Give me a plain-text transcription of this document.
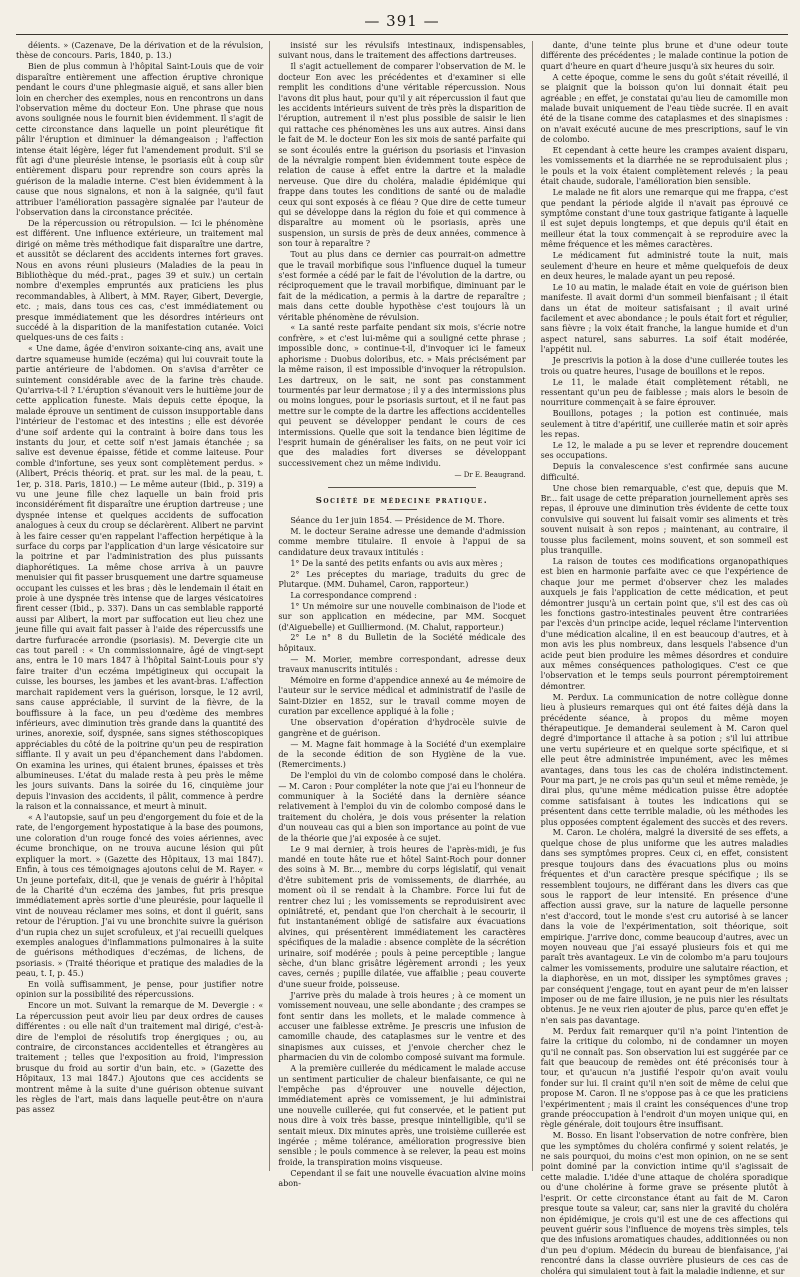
— 391 —

déients. » (Cazenave, De la dérivation et de la révulsion, thèse de concours. Paris, 1840, p. 13.)

Bien de plus commun à l'hôpital Saint-Louis que de voir disparaître entièrement une affection éruptive chronique pendant le cours d'une phlegmasie aiguë, et sans aller bien loin en chercher des exemples, nous en rencontrons un dans l'observation même du docteur Eon. Une phrase que nous avons soulignée nous le fournit bien évidemment. Il s'agit de cette circonstance dans laquelle un point pleurétique fit pâlir l'éruption et diminuer la démangeaison ; l'affection intense était légère, léger fut l'amendement produit. S'il se fût agi d'une pleurésie intense, le psoriasis eût à coup sûr entièrement disparu pour reprendre son cours après la guérison de la maladie interne. C'est bien évidemment à la cause que nous signalons, et non à la saignée, qu'il faut attribuer l'amélioration passagère signalée par l'auteur de l'observation dans la circonstance précitée.

De la répercussion ou rétropulsion. — Ici le phénomène est différent. Une influence extérieure, un traitement mal dirigé on même très méthodique fait disparaître une dartre, et aussitôt se déclarent des accidents internes fort graves. Nous en avons réuni plusieurs (Maladies de la peau in Bibliothèque du méd.-prat., pages 39 et suiv.) un certain nombre d'exemples empruntés aux praticiens les plus recommandables, à Alibert, à MM. Rayer, Gibert, Devergie, etc. ; mais, dans tous ces cas, c'est immédiatement ou presque immédiatement que les désordres intérieurs ont succédé à la disparition de la manifestation cutanée. Voici quelques-uns de ces faits :

« Une dame, âgée d'environ soixante-cinq ans, avait une dartre squameuse humide (eczéma) qui lui couvrait toute la partie antérieure de l'abdomen. On s'avisa d'arrêter ce suintement considérable avec de la farine très chaude. Qu'arriva-t-il ? L'éruption s'évanouit vers le huitième jour de cette application funeste. Mais depuis cette époque, la malade éprouve un sentiment de cuisson insupportable dans l'intérieur de l'estomac et des intestins ; elle est dévorée d'une soif ardente qui la contraint à boire dans tous les instants du jour, et cette soif n'est jamais étanchée ; sa salive est devenue épaisse, fétide et comme laiteuse. Pour comble d'infortune, ses yeux sont complètement perdus. » (Alibert, Précis théoriq. et prat. sur les mal. de la peau, t. 1er, p. 318. Paris, 1810.) — Le même auteur (Ibid., p. 319) a vu une jeune fille chez laquelle un bain froid pris inconsidérément fit disparaître une éruption dartreuse ; une dyspnée intense et quelques accidents de suffocation analogues à ceux du croup se déclarèrent. Alibert ne parvint à les faire cesser qu'en rappelant l'affection herpétique à la surface du corps par l'application d'un large vésicatoire sur la poitrine et par l'administration des plus puissants diaphorétiques. La même chose arriva à un pauvre menuisier qui fit passer brusquement une dartre squameuse occupant les cuisses et les bras ; dès le lendemain il était en proie à une dyspnée très intense que de larges vésicatoires firent cesser (Ibid., p. 337). Dans un cas semblable rapporté aussi par Alibert, la mort par suffocation eut lieu chez une jeune fille qui avait fait passer à l'aide des répercussifs une dartre furfuracée arrondie (psoriasis). M. Devergie cite un cas tout pareil : « Un commissionnaire, âgé de vingt-sept ans, entra le 10 mars 1847 à l'hôpital Saint-Louis pour s'y faire traiter d'un eczéma impétigineux qui occupait la cuisse, les bourses, les jambes et les avant-bras. L'affection marchait rapidement vers la guérison, lorsque, le 12 avril, sans cause appréciable, il survint de la fièvre, de la bouffissure à la face, un peu d'œdème des membres inférieurs, avec diminution très grande dans la quantité des urines, anorexie, soif, dyspnée, sans signes stéthoscopiques appréciables du côté de la poitrine qu'un peu de respiration sifflante. Il y avait un peu d'épanchement dans l'abdomen. On examina les urines, qui étaient brunes, épaisses et très albumineuses. L'état du malade resta à peu près le même les jours suivants. Dans la soirée du 16, cinquième jour depuis l'invasion des accidents, il pâlit, commence à perdre la raison et la connaissance, et meurt à minuit.

« A l'autopsie, sauf un peu d'engorgement du foie et de la rate, de l'engorgement hypostatique à la base des poumons, une coloration d'un rouge foncé des voies aériennes, avec écume bronchique, on ne trouva aucune lésion qui pût expliquer la mort. » (Gazette des Hôpitaux, 13 mai 1847). Enfin, à tous ces témoignages ajoutons celui de M. Rayer. « Un jeune portefaix, dit-il, que je venais de guérir à l'hôpital de la Charité d'un eczéma des jambes, fut pris presque immédiatement après sortie d'une pleurésie, pour laquelle il vint de nouveau réclamer mes soins, et dont il guérit, sans retour de l'éruption. J'ai vu une bronchite suivre la guérison d'un rupia chez un sujet scrofuleux, et j'ai recueilli quelques exemples analogues d'inflammations pulmonaires à la suite de guérisons méthodiques d'eczémas, de lichens, de psoriasis. » (Traité théorique et pratique des maladies de la peau, t. I, p. 45.)

En voilà suffisamment, je pense, pour justifier notre opinion sur la possibilité des répercussions.

Encore un mot. Suivant la remarque de M. Devergie : « La répercussion peut avoir lieu par deux ordres de causes différentes : ou elle naît d'un traitement mal dirigé, c'est-à-dire de l'emploi de résolutifs trop énergiques ; ou, au contraire, de circonstances accidentelles et étrangères au traitement ; telles que l'exposition au froid, l'impression brusque du froid au sortir d'un bain, etc. » (Gazette des Hôpitaux, 13 mai 1847.) Ajoutons que ces accidents se montrent même à la suite d'une guérison obtenue suivant les règles de l'art, mais dans laquelle peut-être on n'aura pas assez

insisté sur les révulsifs intestinaux, indispensables, suivant nous, dans le traitement des affections dartreuses.

Il s'agit actuellement de comparer l'observation de M. le docteur Eon avec les précédentes et d'examiner si elle remplit les conditions d'une véritable répercussion. Nous l'avons dit plus haut, pour qu'il y ait répercussion il faut que les accidents intérieurs suivent de très près la disparition de l'éruption, autrement il n'est plus possible de saisir le lien qui rattache ces phénomènes les uns aux autres. Ainsi dans le fait de M. le docteur Eon les six mois de santé parfaite qui se sont écoulés entre la guérison du psoriasis et l'invasion de la névralgie rompent bien évidemment toute espèce de relation de cause à effet entre la dartre et la maladie nerveuse. Que dire du choléra, maladie épidémique qui frappe dans toutes les conditions de santé ou de maladie ceux qui sont exposés à ce fléau ? Que dire de cette tumeur qui se développe dans la région du foie et qui commence à disparaître au moment où le psoriasis, après une suspension, un sursis de près de deux années, commence à son tour à reparaître ?

Tout au plus dans ce dernier cas pourrait-on admettre que le travail morbifique sous l'influence duquel la tumeur s'est formée a cédé par le fait de l'évolution de la dartre, ou réciproquement que le travail morbifique, diminuant par le fait de la médication, a permis à la dartre de reparaître ; mais dans cette double hypothèse c'est toujours là un véritable phénomène de révulsion.

« La santé reste parfaite pendant six mois, s'écrie notre confrère, » et c'est lui-même qui a souligné cette phrase ; impossible donc, » continue-t-il, d'invoquer ici le fameux aphorisme : Duobus doloribus, etc. » Mais précisément par la même raison, il est impossible d'invoquer la rétropulsion. Les dartreux, on le sait, ne sont pas constamment tourmentés par leur dermatose ; il y a des intermissions plus ou moins longues, pour le psoriasis surtout, et il ne faut pas mettre sur le compte de la dartre les affections accidentelles qui peuvent se développer pendant le cours de ces intermissions. Quelle que soit la tendance bien légitime de l'esprit humain de généraliser les faits, on ne peut voir ici que des maladies fort diverses se développant successivement chez un même individu.

— Dr E. Beaugrand.
Société de médecine pratique.

Séance du 1er juin 1854. — Présidence de M. Thore.

M. le docteur Seraine adresse une demande d'admission comme membre titulaire. Il envoie à l'appui de sa candidature deux travaux intitulés :

1° De la santé des petits enfants ou avis aux mères ;

2° Les préceptes du mariage, traduits du grec de Plutarque. (MM. Duhamel, Caron, rapporteur.)

La correspondance comprend :

1° Un mémoire sur une nouvelle combinaison de l'iode et sur son application en médecine, par MM. Socquet (d'Aiguebelle) et Guilliermond. (M. Chalut, rapporteur.)

2° Le n° 8 du Bulletin de la Société médicale des hôpitaux.

— M. Morier, membre correspondant, adresse deux travaux manuscrits intitulés :

Mémoire en forme d'appendice annexé au 4e mémoire de l'auteur sur le service médical et administratif de l'asile de Saint-Dizier en 1852, sur le travail comme moyen de curation par excellence appliqué à la folie ;

Une observation d'opération d'hydrocèle suivie de gangrène et de guérison.

— M. Magne fait hommage à la Société d'un exemplaire de la seconde édition de son Hygiène de la vue. (Remerciments.)

De l'emploi du vin de colombo composé dans le choléra. — M. Caron : Pour compléter la note que j'ai eu l'honneur de communiquer à la Société dans la dernière séance relativement à l'emploi du vin de colombo composé dans le traitement du choléra, je dois vous présenter la relation d'un nouveau cas qui a bien son importance au point de vue de la théorie que j'ai exposée à ce sujet.

Le 9 mai dernier, à trois heures de l'après-midi, je fus mandé en toute hâte rue et hôtel Saint-Roch pour donner des soins à M. Br..., membre du corps législatif, qui venait d'être subitement pris de vomissements, de diarrhée, au moment où il se rendait à la Chambre. Force lui fut de rentrer chez lui ; les vomissements se reproduisirent avec opiniâtreté, et, pendant que l'on cherchait à le secourir, il fut instantanément obligé de satisfaire aux évacuations alvines, qui présentèrent immédiatement les caractères spécifiques de la maladie : absence complète de la sécrétion urinaire, soif modérée ; pouls à peine perceptible ; langue sèche, d'un blanc grisâtre légèrement arrondi ; les yeux caves, cernés ; pupille dilatée, vue affaiblie ; peau couverte d'une sueur froide, poisseuse.

J'arrive près du malade à trois heures ; à ce moment un vomissement nouveau, une selle abondante ; des crampes se font sentir dans les mollets, et le malade commence à accuser une faiblesse extrême. Je prescris une infusion de camomille chaude, des cataplasmes sur le ventre et des sinapismes aux cuisses, et j'envoie chercher chez le pharmacien du vin de colombo composé suivant ma formule.

A la première cuillerée du médicament le malade accuse un sentiment particulier de chaleur bienfaisante, ce qui ne l'empêche pas d'éprouver une nouvelle déjection, immédiatement après ce vomissement, je lui administrai une nouvelle cuillerée, qui fut conservée, et le patient put nous dire à voix très basse, presque inintelligible, qu'il se sentait mieux. Dix minutes après, une troisième cuillerée est ingérée ; même tolérance, amélioration progressive bien sensible ; le pouls commence à se relever, la peau est moins froide, la transpiration moins visqueuse.

Cependant il se fait une nouvelle évacuation alvine moins abon-

dante, d'une teinte plus brune et d'une odeur toute différente des précédentes ; le malade continue la potion de quart d'heure en quart d'heure jusqu'à six heures du soir.

A cette époque, comme le sens du goût s'était réveillé, il se plaignit que la boisson qu'on lui donnait était peu agréable ; en effet, je constatai qu'au lieu de camomille mon malade buvait uniquement de l'eau tiède sucrée. Il en avait été de la tisane comme des cataplasmes et des sinapismes : on n'avait exécuté aucune de mes prescriptions, sauf le vin de colombo.

Et cependant à cette heure les crampes avaient disparu, les vomissements et la diarrhée ne se reproduisaient plus ; le pouls et la voix étaient complètement relevés ; la peau était chaude, sudorale, l'amélioration bien sensible.

Le malade ne fit alors une remarque qui me frappa, c'est que pendant la période algide il n'avait pas éprouvé ce symptôme constant d'une toux gastrique fatigante à laquelle il est sujet depuis longtemps, et que depuis qu'il était en meilleur état la toux commençait à se reproduire avec la même fréquence et les mêmes caractères.

Le médicament fut administré toute la nuit, mais seulement d'heure en heure et même quelquefois de deux en deux heures, le malade ayant un peu reposé.

Le 10 au matin, le malade était en voie de guérison bien manifeste. Il avait dormi d'un sommeil bienfaisant ; il était dans un état de moiteur satisfaisant ; il avait uriné facilement et avec abondance ; le pouls était fort et régulier, sans fièvre ; la voix était franche, la langue humide et d'un aspect naturel, sans saburres. La soif était modérée, l'appétit nul.

Je prescrivis la potion à la dose d'une cuillerée toutes les trois ou quatre heures, l'usage de bouillons et le repos.

Le 11, le malade était complètement rétabli, ne ressentant qu'un peu de faiblesse ; mais alors le besoin de nourriture commençait à se faire éprouver.

Bouillons, potages ; la potion est continuée, mais seulement à titre d'apéritif, une cuillerée matin et soir après les repas.

Le 12, le malade a pu se lever et reprendre doucement ses occupations.

Depuis la convalescence s'est confirmée sans aucune difficulté.

Une chose bien remarquable, c'est que, depuis que M. Br... fait usage de cette préparation journellement après ses repas, il éprouve une diminution très évidente de cette toux convulsive qui souvent lui faisait vomir ses aliments et très souvent nuisait à son repos ; maintenant, au contraire, il tousse plus facilement, moins souvent, et son sommeil est plus tranquille.

La raison de toutes ces modifications organopathiques est bien en harmonie parfaite avec ce que l'expérience de chaque jour me permet d'observer chez les malades auxquels je fais l'application de cette médication, et peut démontrer jusqu'à un certain point que, s'il est des cas où les fonctions gastro-intestinales peuvent être contrariées par l'excès d'un principe acide, lequel réclame l'intervention d'une médication alcaline, il en est beaucoup d'autres, et à mon avis les plus nombreux, dans lesquels l'absence d'un acide peut bien produire les mêmes désordres et conduire aux mêmes conséquences pathologiques. C'est ce que l'observation et le temps seuls pourront péremptoirement démontrer.

M. Perdux. La communication de notre collègue donne lieu à plusieurs remarques qui ont été faites déjà dans la précédente séance, à propos du même moyen thérapeutique. Je demanderai seulement à M. Caron quel degré d'importance il attache à sa potion ; s'il lui attribue une vertu supérieure et en quelque sorte spécifique, et si elle peut être administrée impunément, avec les mêmes avantages, dans tous les cas de choléra indistinctement. Pour ma part, je ne crois pas qu'un seul et même remède, je dirai plus, qu'une même médication puisse être adoptée comme satisfaisant à toutes les indications qui se présentent dans cette terrible maladie, où les méthodes les plus opposées comptent également des succès et des revers.

M. Caron. Le choléra, malgré la diversité de ses effets, a quelque chose de plus uniforme que les autres maladies dans ses symptômes propres. Ceux ci, en effet, consistent presque toujours dans des évacuations plus ou moins fréquentes et d'un caractère presque spécifique ; ils se ressemblent toujours, ne différant dans les divers cas que sous le rapport de leur intensité. En présence d'une affection aussi grave, sur la nature de laquelle personne n'est d'accord, tout le monde s'est cru autorisé à se lancer dans la voie de l'expérimentation, soit théorique, soit empirique. J'arrive donc, comme beaucoup d'autres, avec un moyen nouveau que j'ai essayé plusieurs fois et qui me paraît très avantageux. Le vin de colombo m'a paru toujours calmer les vomissements, produire une salutaire réaction, et la diaphorèse, en un mot, dissiper les symptômes graves ; par conséquent j'engage, tout en ayant peur de m'en laisser imposer ou de me faire illusion, je ne puis nier les résultats obtenus. Je ne veux rien ajouter de plus, parce qu'en effet je n'en sais pas davantage.

M. Perdux fait remarquer qu'il n'a point l'intention de faire la critique du colombo, ni de condamner un moyen qu'il ne connaît pas. Son observation lui est suggérée par ce fait que beaucoup de remèdes ont été préconisés tour à tour, et qu'aucun n'a justifié l'espoir qu'on avait voulu fonder sur lui. Il craint qu'il n'en soit de même de celui que propose M. Caron. Il ne s'oppose pas à ce que les praticiens l'expérimentent ; mais il craint les conséquences d'une trop grande préoccupation à l'endroit d'un moyen unique qui, en règle générale, doit toujours être insuffisant.

M. Bosso. En lisant l'observation de notre confrère, bien que les symptômes du choléra confirmé y soient relatés, je ne sais pourquoi, du moins c'est mon opinion, on ne se sent point dominé par la conviction intime qu'il s'agissait de cette maladie. L'idée d'une attaque de choléra sporadique ou d'une cholérine à forme grave se présente plutôt à l'esprit. Or cette circonstance étant au fait de M. Caron presque toute sa valeur, car, sans nier la gravité du choléra non épidémique, je crois qu'il est une de ces affections qui peuvent guérir sous l'influence de moyens très simples, tels que des infusions aromatiques chaudes, additionnées ou non d'un peu d'opium. Médecin du bureau de bienfaisance, j'ai rencontré dans la classe ouvrière plusieurs de ces cas de choléra qui simulaient tout à fait la maladie indienne, et sur
